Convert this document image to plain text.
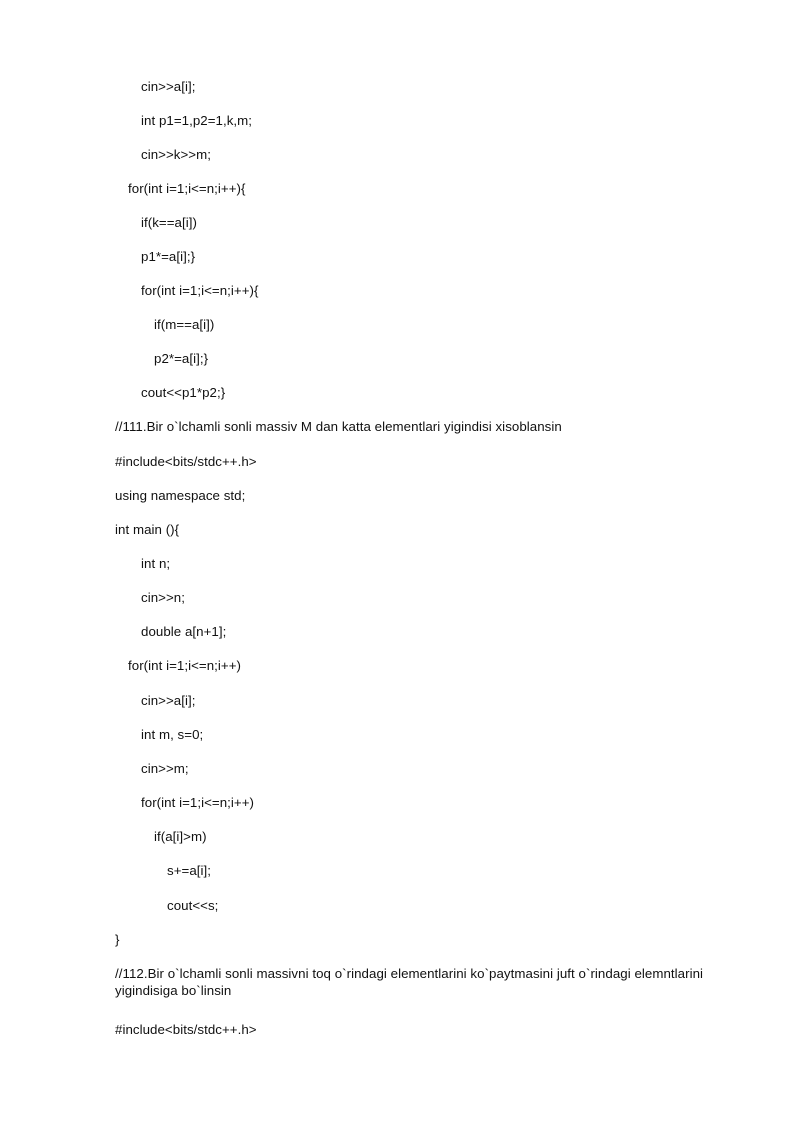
cin>>a[i];
int p1=1,p2=1,k,m;
cin>>k>>m;
for(int i=1;i<=n;i++){
if(k==a[i])
p1*=a[i];}
for(int i=1;i<=n;i++){
if(m==a[i])
p2*=a[i];}
cout<<p1*p2;}
//111.Bir o`lchamli sonli massiv M dan katta elementlari yigindisi xisoblansin
#include<bits/stdc++.h>
using namespace std;
int main (){
int n;
cin>>n;
double a[n+1];
for(int i=1;i<=n;i++)
cin>>a[i];
int m, s=0;
cin>>m;
for(int i=1;i<=n;i++)
if(a[i]>m)
s+=a[i];
cout<<s;
}
//112.Bir o`lchamli sonli massivni toq o`rindagi elementlarini ko`paytmasini juft o`rindagi elemntlarini yigindisiga bo`linsin
#include<bits/stdc++.h>
